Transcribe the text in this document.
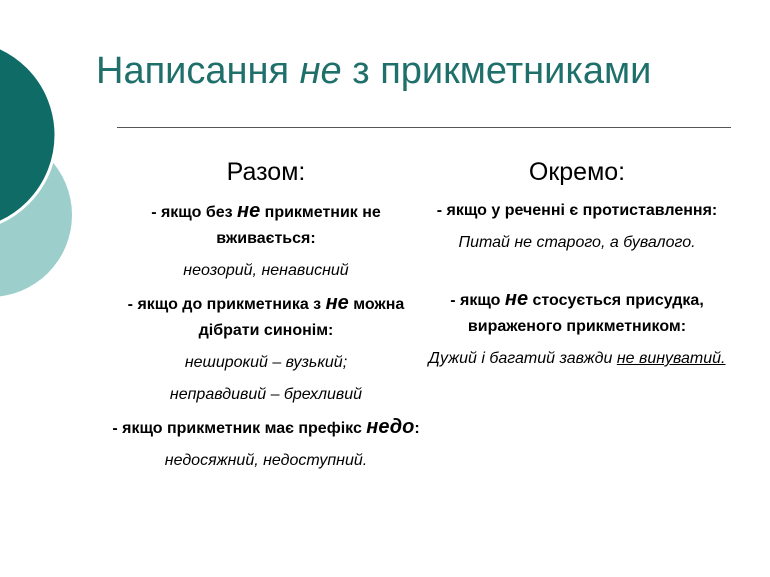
Написання не з прикметниками
Разом:
- якщо без не прикметник не вживається:
неозорий, ненависний
- якщо до прикметника з не можна дібрати синонім:
неширокий – вузький;
неправдивий – брехливий
- якщо прикметник має префікс недо:
недосяжний, недоступний.
Окремо:
- якщо у реченні є протиставлення:
Питай не старого, а бувалого.
- якщо не стосується присудка, вираженого прикметником:
Дужий і багатий завжди не винуватий.
